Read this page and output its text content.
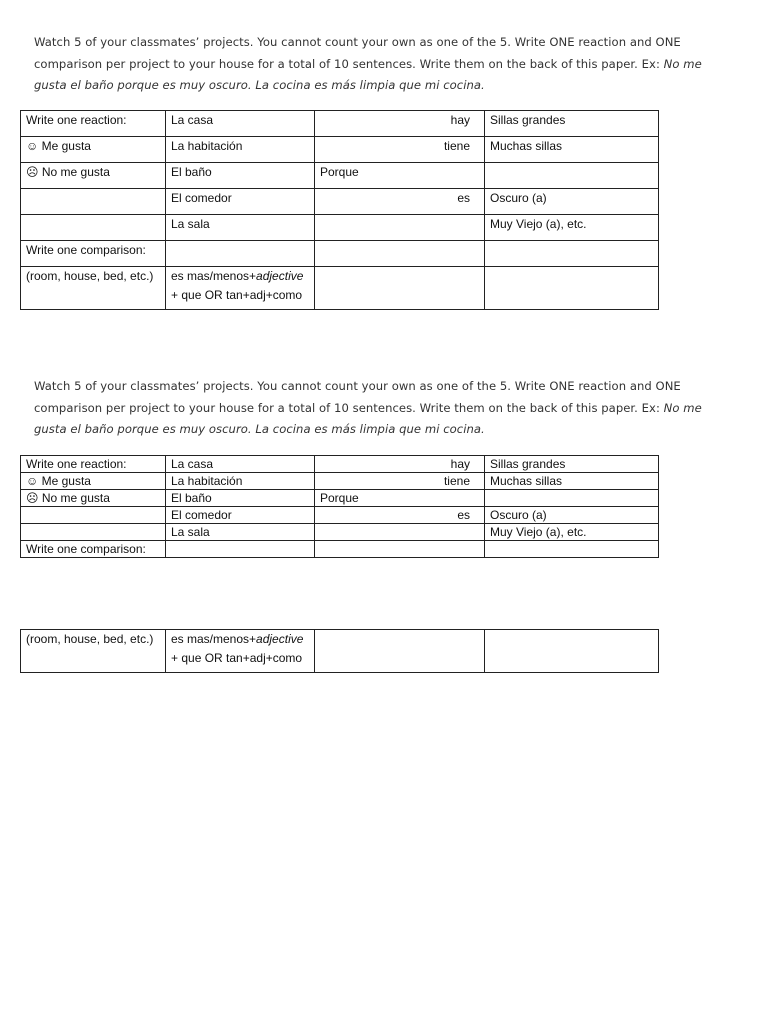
Watch 5 of your classmates’ projects. You cannot count your own as one of the 5. Write ONE reaction and ONE comparison per project to your house for a total of 10 sentences. Write them on the back of this paper. Ex: No me gusta el baño porque es muy oscuro. La cocina es más limpia que mi cocina.
Write one reaction:	La casa	hay	Sillas grandes
☺ Me gusta	La habitación	tiene	Muchas sillas
☹ No me gusta	El baño	Porque	
	El comedor	es	Oscuro (a)
	La sala		Muy Viejo (a), etc.
Write one comparison:			
(room, house, bed, etc.)	es mas/menos+adjective
+ que OR tan+adj+como		
Watch 5 of your classmates’ projects. You cannot count your own as one of the 5. Write ONE reaction and ONE comparison per project to your house for a total of 10 sentences. Write them on the back of this paper. Ex: No me gusta el baño porque es muy oscuro. La cocina es más limpia que mi cocina.
Write one reaction:	La casa	hay	Sillas grandes
☺ Me gusta	La habitación	tiene	Muchas sillas
☹ No me gusta	El baño	Porque	
	El comedor	es	Oscuro (a)
	La sala		Muy Viejo (a), etc.
Write one comparison:			
(room, house, bed, etc.)	es mas/menos+adjective
+ que OR tan+adj+como		
